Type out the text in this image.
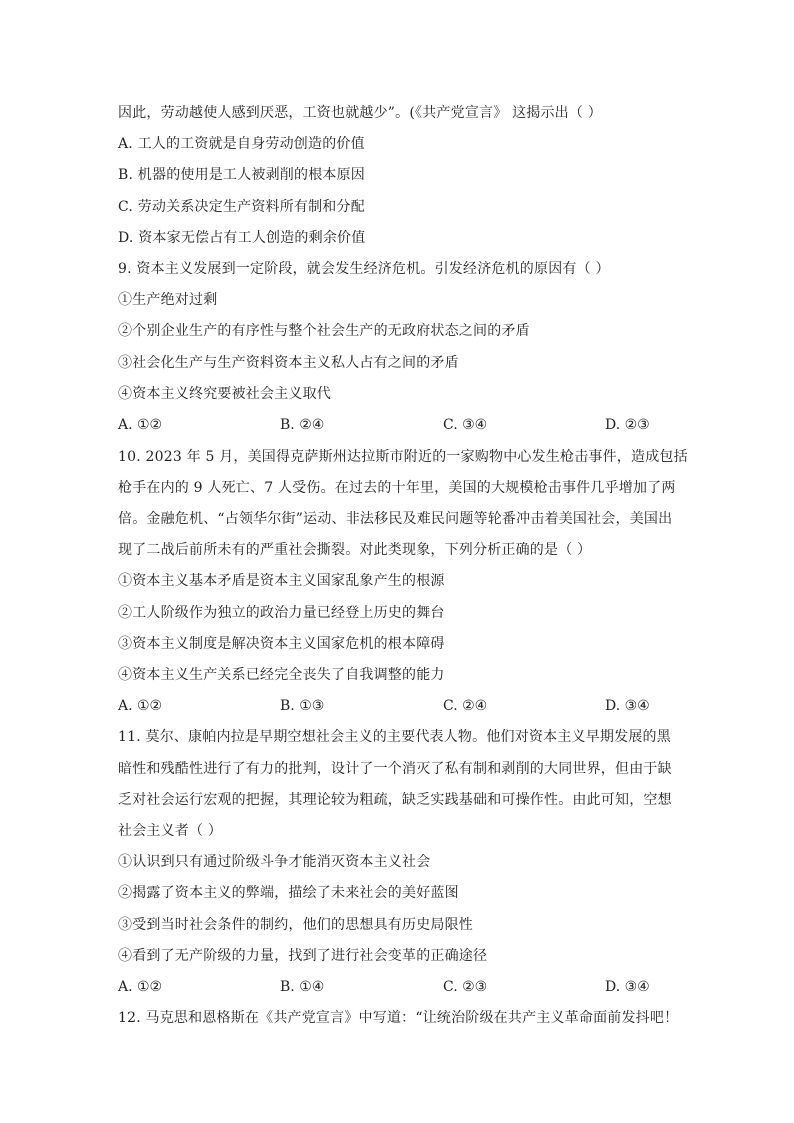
因此，劳动越使人感到厌恶，工资也就越少”。(《共产党宣言》 这揭示出（ ）
A. 工人的工资就是自身劳动创造的价值
B. 机器的使用是工人被剥削的根本原因
C. 劳动关系决定生产资料所有制和分配
D. 资本家无偿占有工人创造的剩余价值
9. 资本主义发展到一定阶段，就会发生经济危机。引发经济危机的原因有（ ）
①生产绝对过剩
②个别企业生产的有序性与整个社会生产的无政府状态之间的矛盾
③社会化生产与生产资料资本主义私人占有之间的矛盾
④资本主义终究要被社会主义取代
A. ①②	B. ②④	C. ③④	D. ②③
10. 2023 年 5 月，美国得克萨斯州达拉斯市附近的一家购物中心发生枪击事件，造成包括
枪手在内的 9 人死亡、7 人受伤。在过去的十年里，美国的大规模枪击事件几乎增加了两
倍。金融危机、“占领华尔街”运动、非法移民及难民问题等轮番冲击着美国社会，美国出
现了二战后前所未有的严重社会撕裂。对此类现象，下列分析正确的是（ ）
①资本主义基本矛盾是资本主义国家乱象产生的根源
②工人阶级作为独立的政治力量已经登上历史的舞台
③资本主义制度是解决资本主义国家危机的根本障碍
④资本主义生产关系已经完全丧失了自我调整的能力
A. ①②	B. ①③	C. ②④	D. ③④
11. 莫尔、康帕内拉是早期空想社会主义的主要代表人物。他们对资本主义早期发展的黑
暗性和残酷性进行了有力的批判，设计了一个消灭了私有制和剥削的大同世界，但由于缺
乏对社会运行宏观的把握，其理论较为粗疏，缺乏实践基础和可操作性。由此可知，空想
社会主义者（ ）
①认识到只有通过阶级斗争才能消灭资本主义社会
②揭露了资本主义的弊端，描绘了未来社会的美好蓝图
③受到当时社会条件的制约，他们的思想具有历史局限性
④看到了无产阶级的力量，找到了进行社会变革的正确途径
A. ①②	B. ①④	C. ②③	D. ③④
12. 马克思和恩格斯在《共产党宣言》中写道：“让统治阶级在共产主义革命面前发抖吧！
